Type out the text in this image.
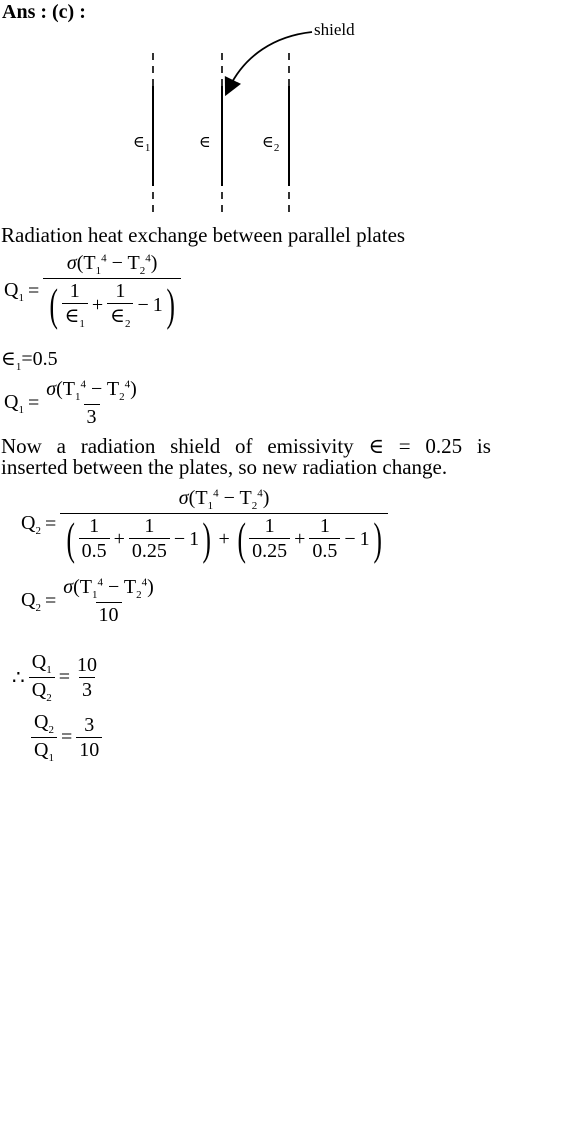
Ans : (c) :
shield
$\in_1$	∈	$\in_2$
Radiation heat exchange between parallel plates
$Q_1 = \frac{\sigma(T_1^4 - T_2^4)}{( \frac{1}{\in_1} + \frac{1}{\in_2} - 1 )}$
$\in_1=0.5$
$Q_1 = \frac{\sigma(T_1^4 - T_2^4)}{3}$
Now a radiation shield of emissivity ∈ = 0.25 is
inserted between the plates, so new radiation change.
$Q_2$ =
$\sigma(T_1^4 - T_2^4)$
( $\frac{1}{0.5} + \frac{1}{0.25} - 1$ ) + ( $\frac{1}{0.25} + \frac{1}{0.5} - 1$ )
$Q_2 = \frac{\sigma(T_1^4 - T_2^4)}{10}$
∴ $\frac{Q_1}{Q_2} = \frac{10}{3}$
$\frac{Q_2}{Q_1} = \frac{3}{10}$
